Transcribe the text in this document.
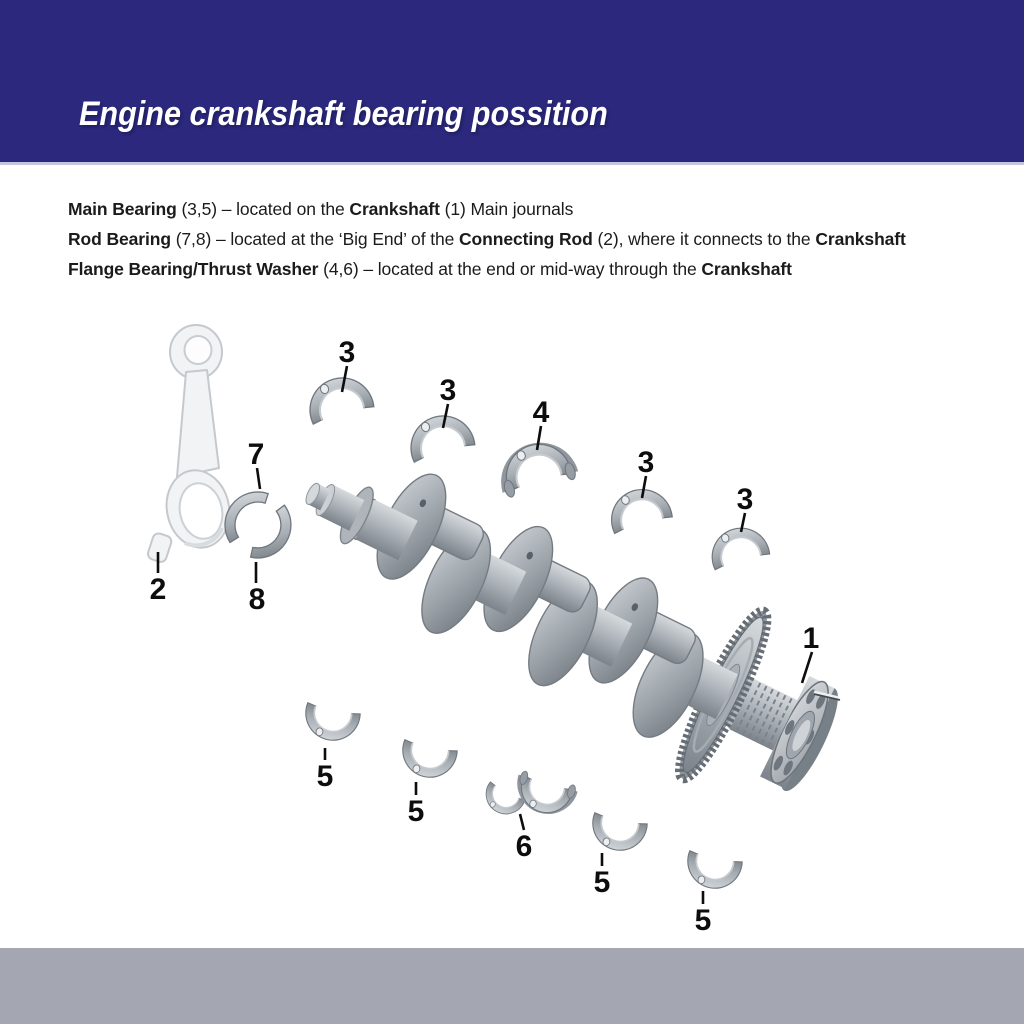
Engine crankshaft bearing possition
Main Bearing (3,5) – located on the Crankshaft (1) Main journals
Rod Bearing (7,8) – located at the ‘Big End’ of the Connecting Rod (2), where it connects to the Crankshaft
Flange Bearing/Thrust Washer (4,6) – located at the end or mid-way through the Crankshaft
3
3
4
3
3
1
2
7
8
5
5
6
5
5
